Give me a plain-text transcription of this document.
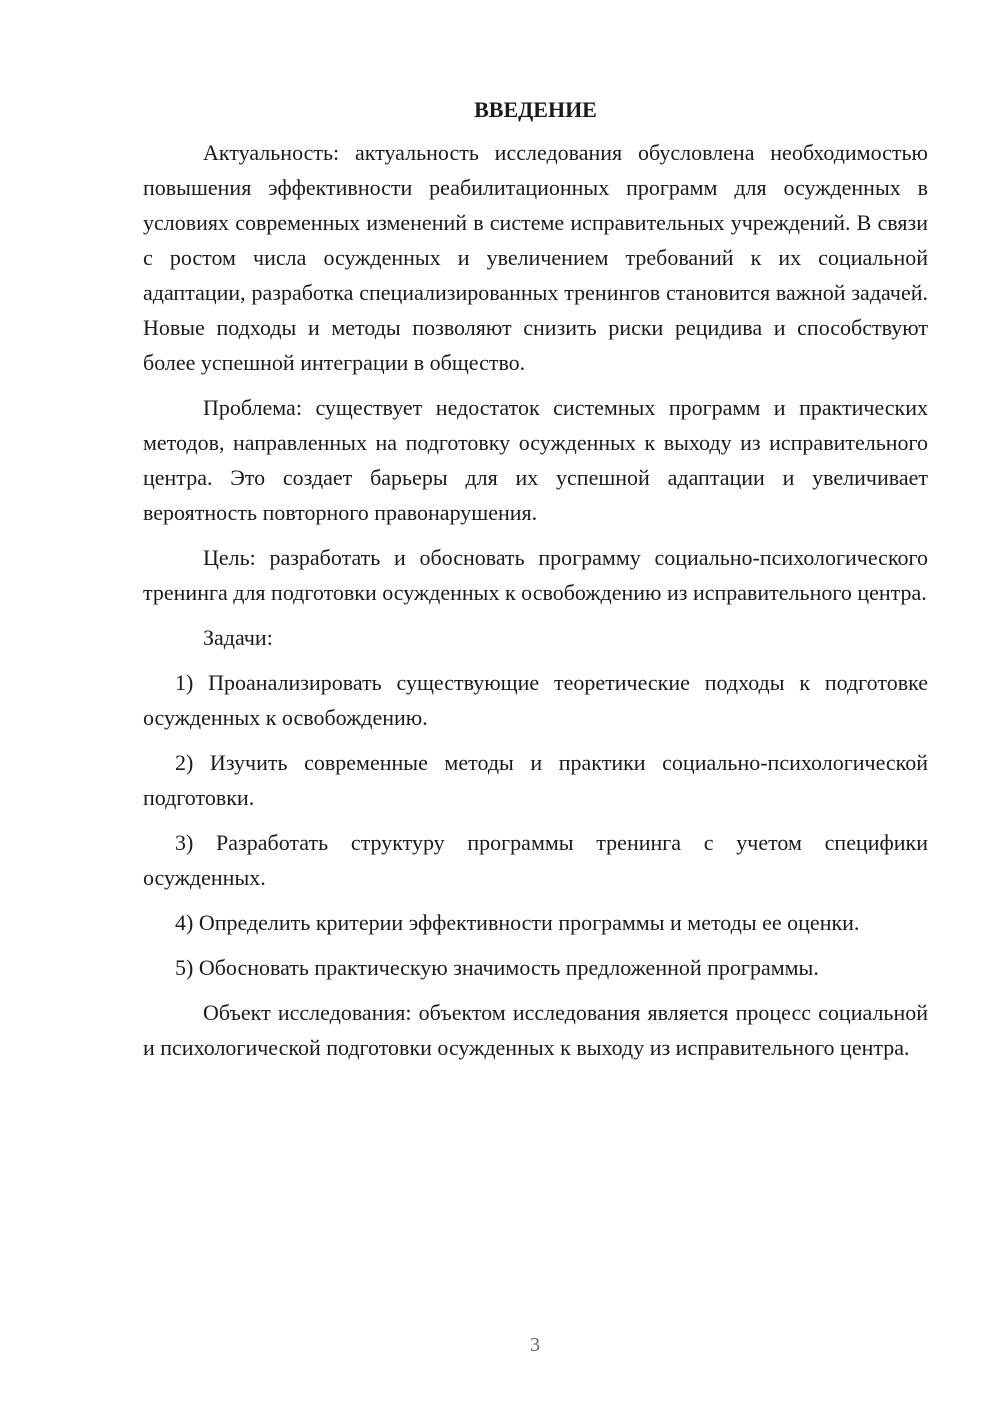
ВВЕДЕНИЕ

Актуальность: актуальность исследования обусловлена необходимостью повышения эффективности реабилитационных программ для осужденных в условиях современных изменений в системе исправительных учреждений. В связи с ростом числа осужденных и увеличением требований к их социальной адаптации, разработка специализированных тренингов становится важной задачей. Новые подходы и методы позволяют снизить риски рецидива и способствуют более успешной интеграции в общество.

Проблема: существует недостаток системных программ и практических методов, направленных на подготовку осужденных к выходу из исправительного центра. Это создает барьеры для их успешной адаптации и увеличивает вероятность повторного правонарушения.

Цель: разработать и обосновать программу социально-психологического тренинга для подготовки осужденных к освобождению из исправительного центра.

Задачи:

1) Проанализировать существующие теоретические подходы к подготовке осужденных к освобождению.

2) Изучить современные методы и практики социально-психологической подготовки.

3) Разработать структуру программы тренинга с учетом специфики осужденных.

4) Определить критерии эффективности программы и методы ее оценки.

5) Обосновать практическую значимость предложенной программы.

Объект исследования: объектом исследования является процесс социальной и психологической подготовки осужденных к выходу из исправительного центра.

3
